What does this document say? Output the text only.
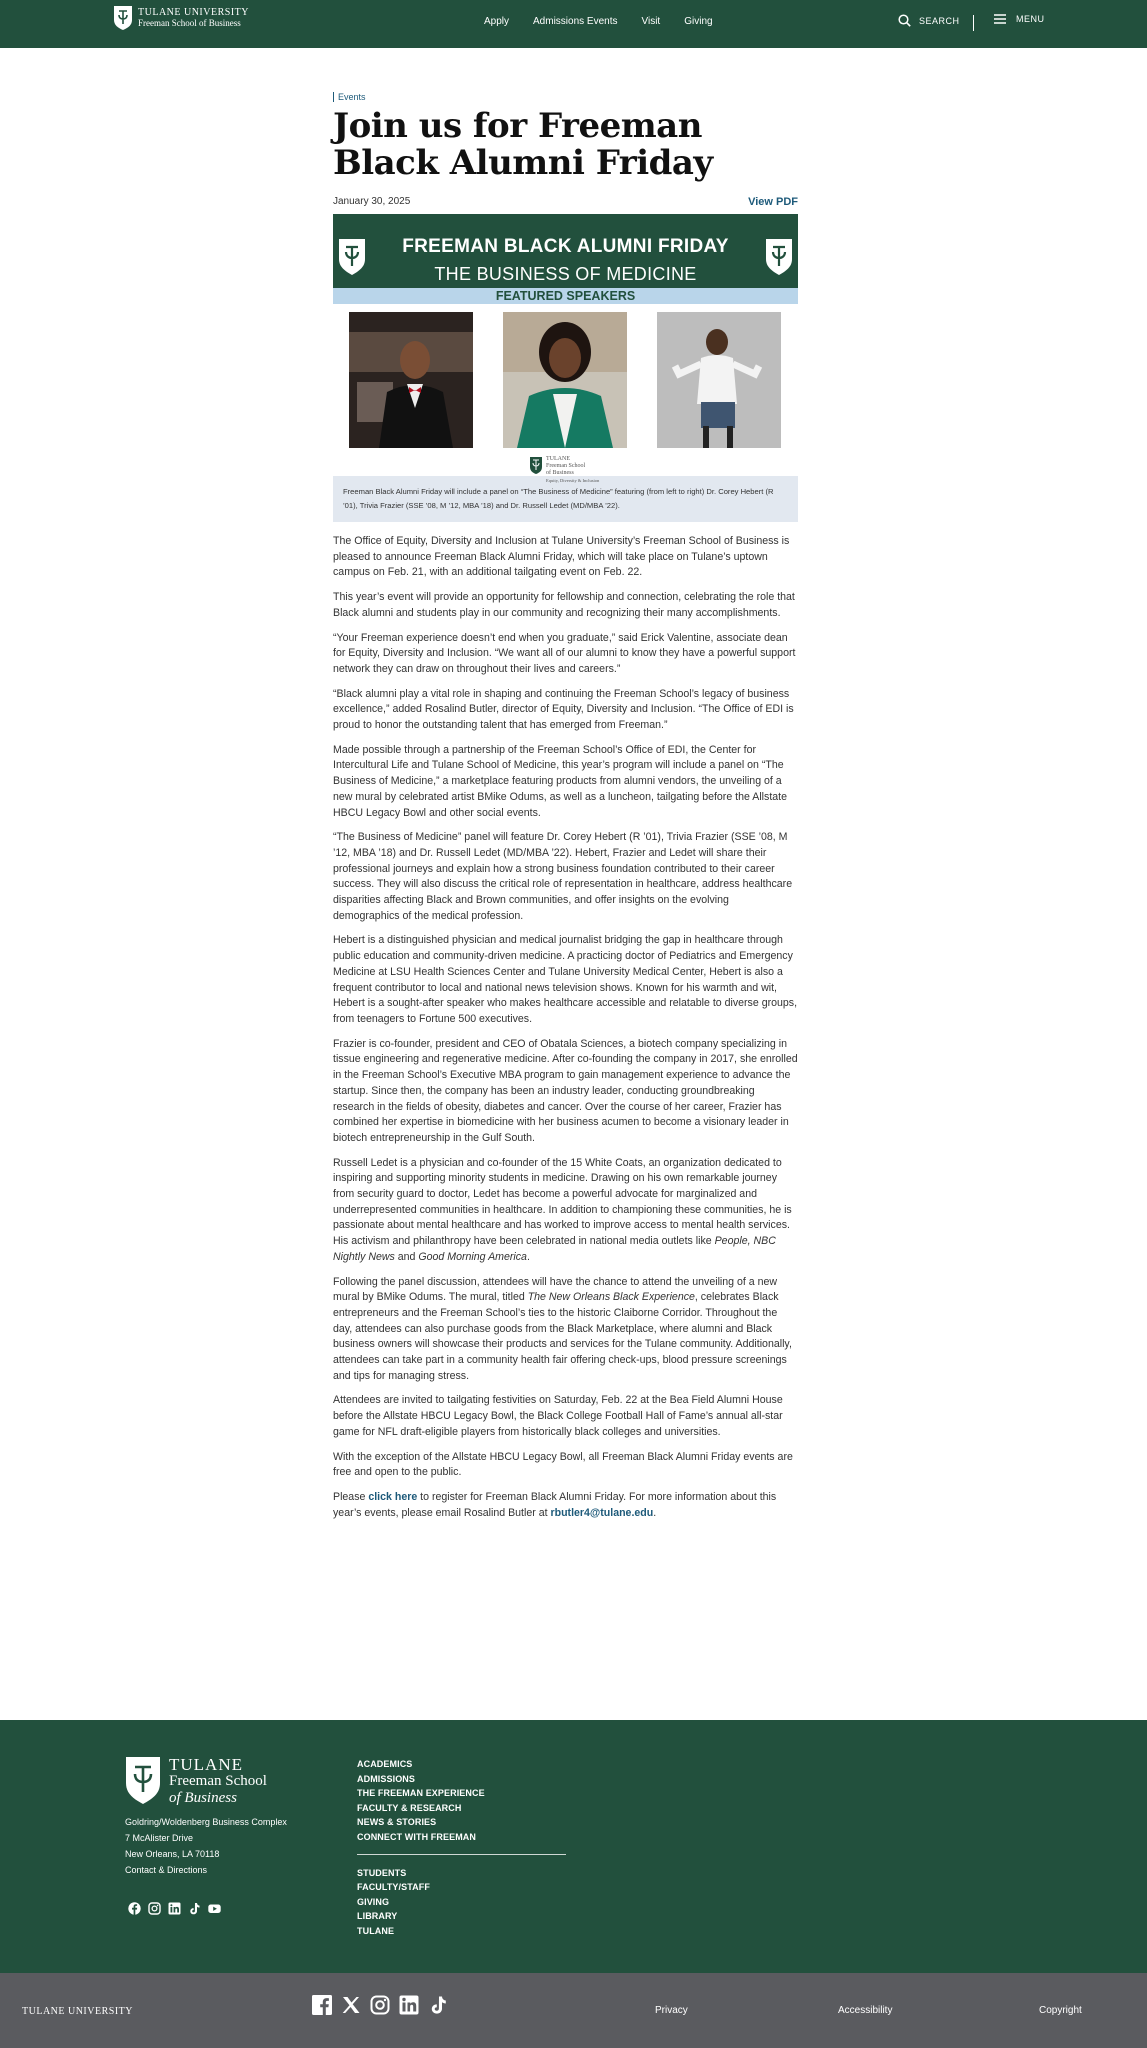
TULANE UNIVERSITY
Freeman School of Business	Apply Admissions Events Visit Giving	SEARCH	MENU
Events
Join us for Freeman Black Alumni Friday
January 30, 2025	View PDF
FREEMAN BLACK ALUMNI FRIDAY
THE BUSINESS OF MEDICINE
FEATURED SPEAKERS
TULANE
Freeman School
of Business
Equity, Diversity & Inclusion
Freeman Black Alumni Friday will include a panel on “The Business of Medicine” featuring (from left to right) Dr. Corey Hebert (R ’01), Trivia Frazier (SSE ’08, M ’12, MBA ’18) and Dr. Russell Ledet (MD/MBA ’22).

The Office of Equity, Diversity and Inclusion at Tulane University’s Freeman School of Business is pleased to announce Freeman Black Alumni Friday, which will take place on Tulane’s uptown campus on Feb. 21, with an additional tailgating event on Feb. 22.

This year’s event will provide an opportunity for fellowship and connection, celebrating the role that Black alumni and students play in our community and recognizing their many accomplishments.

“Your Freeman experience doesn’t end when you graduate,” said Erick Valentine, associate dean for Equity, Diversity and Inclusion. “We want all of our alumni to know they have a powerful support network they can draw on throughout their lives and careers.”

“Black alumni play a vital role in shaping and continuing the Freeman School’s legacy of business excellence,” added Rosalind Butler, director of Equity, Diversity and Inclusion. “The Office of EDI is proud to honor the outstanding talent that has emerged from Freeman.”

Made possible through a partnership of the Freeman School’s Office of EDI, the Center for Intercultural Life and Tulane School of Medicine, this year’s program will include a panel on “The Business of Medicine,” a marketplace featuring products from alumni vendors, the unveiling of a new mural by celebrated artist BMike Odums, as well as a luncheon, tailgating before the Allstate HBCU Legacy Bowl and other social events.

“The Business of Medicine” panel will feature Dr. Corey Hebert (R ’01), Trivia Frazier (SSE ’08, M ’12, MBA ’18) and Dr. Russell Ledet (MD/MBA ’22). Hebert, Frazier and Ledet will share their professional journeys and explain how a strong business foundation contributed to their career success. They will also discuss the critical role of representation in healthcare, address healthcare disparities affecting Black and Brown communities, and offer insights on the evolving demographics of the medical profession.

Hebert is a distinguished physician and medical journalist bridging the gap in healthcare through public education and community-driven medicine. A practicing doctor of Pediatrics and Emergency Medicine at LSU Health Sciences Center and Tulane University Medical Center, Hebert is also a frequent contributor to local and national news television shows. Known for his warmth and wit, Hebert is a sought-after speaker who makes healthcare accessible and relatable to diverse groups, from teenagers to Fortune 500 executives.

Frazier is co-founder, president and CEO of Obatala Sciences, a biotech company specializing in tissue engineering and regenerative medicine. After co-founding the company in 2017, she enrolled in the Freeman School’s Executive MBA program to gain management experience to advance the startup. Since then, the company has been an industry leader, conducting groundbreaking research in the fields of obesity, diabetes and cancer. Over the course of her career, Frazier has combined her expertise in biomedicine with her business acumen to become a visionary leader in biotech entrepreneurship in the Gulf South.

Russell Ledet is a physician and co-founder of the 15 White Coats, an organization dedicated to inspiring and supporting minority students in medicine. Drawing on his own remarkable journey from security guard to doctor, Ledet has become a powerful advocate for marginalized and underrepresented communities in healthcare. In addition to championing these communities, he is passionate about mental healthcare and has worked to improve access to mental health services. His activism and philanthropy have been celebrated in national media outlets like People, NBC Nightly News and Good Morning America.

Following the panel discussion, attendees will have the chance to attend the unveiling of a new mural by BMike Odums. The mural, titled The New Orleans Black Experience, celebrates Black entrepreneurs and the Freeman School’s ties to the historic Claiborne Corridor. Throughout the day, attendees can also purchase goods from the Black Marketplace, where alumni and Black business owners will showcase their products and services for the Tulane community. Additionally, attendees can take part in a community health fair offering check-ups, blood pressure screenings and tips for managing stress.

Attendees are invited to tailgating festivities on Saturday, Feb. 22 at the Bea Field Alumni House before the Allstate HBCU Legacy Bowl, the Black College Football Hall of Fame’s annual all-star game for NFL draft-eligible players from historically black colleges and universities.

With the exception of the Allstate HBCU Legacy Bowl, all Freeman Black Alumni Friday events are free and open to the public.

Please click here to register for Freeman Black Alumni Friday. For more information about this year’s events, please email Rosalind Butler at rbutler4@tulane.edu.

TULANE
Freeman School
of Business
Goldring/Woldenberg Business Complex
7 McAlister Drive
New Orleans, LA 70118
Contact & Directions
ACADEMICS
ADMISSIONS
THE FREEMAN EXPERIENCE
FACULTY & RESEARCH
NEWS & STORIES
CONNECT WITH FREEMAN
STUDENTS
FACULTY/STAFF
GIVING
LIBRARY
TULANE
TULANE UNIVERSITY	Privacy	Accessibility	Copyright
